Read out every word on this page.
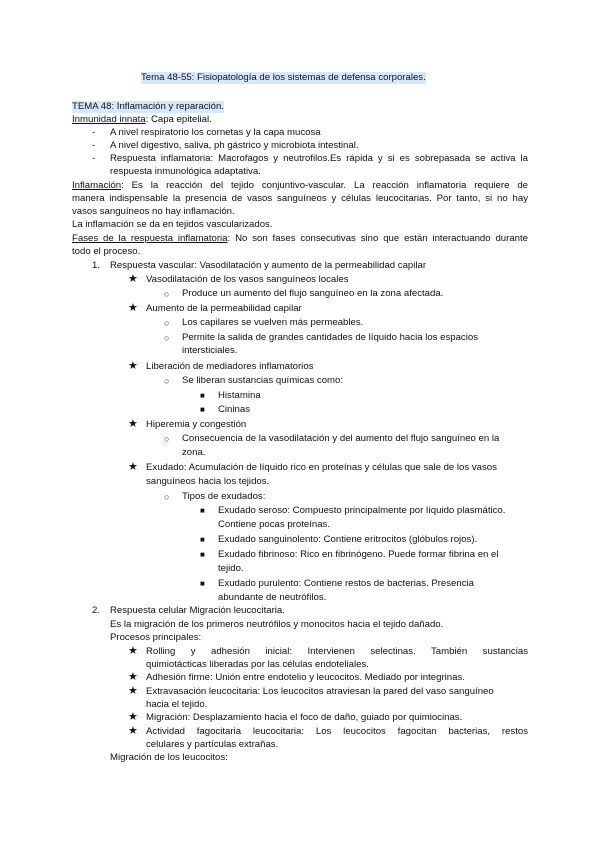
Tema 48-55: Fisiopatología de los sistemas de defensa corporales.
TEMA 48: Inflamación y reparación.
Inmunidad innata: Capa epitelial.
- A nivel respiratorio los cornetas y la capa mucosa
- A nivel digestivo, saliva, ph gástrico y microbiota intestinal.
- Respuesta inflamatoria: Macrofagos y neutrofilos.Es rápida y si es sobrepasada se activa la
respuesta inmunológica adaptativa.
Inflamación: Es la reacción del tejido conjuntivo-vascular. La reacción inflamatoria requiere de
manera indispensable la presencia de vasos sanguíneos y células leucocitarias. Por tanto, si no hay
vasos sanguíneos no hay inflamación.
La inflamación se da en tejidos vascularizados.
Fases de la respuesta inflamatoria: No son fases consecutivas sino que están interactuando durante
todo el proceso.
1. Respuesta vascular: Vasodilatación y aumento de la permeabilidad capilar
★ Vasodilatación de los vasos sanguíneos locales
○ Produce un aumento del flujo sanguíneo en la zona afectada.
★ Aumento de la permeabilidad capilar
○ Los capilares se vuelven más permeables.
○ Permite la salida de grandes cantidades de líquido hacia los espacios
intersticiales.
★ Liberación de mediadores inflamatorios
○ Se liberan sustancias químicas como:
■ Histamina
■ Cininas
★ Hiperemia y congestión
○ Consecuencia de la vasodilatación y del aumento del flujo sanguíneo en la
zona.
★ Exudado: Acumulación de líquido rico en proteínas y células que sale de los vasos
sanguíneos hacia los tejidos.
○ Tipos de exudados:
■ Exudado seroso: Compuesto principalmente por líquido plasmático.
Contiene pocas proteínas.
■ Exudado sanguinolento: Contiene eritrocitos (glóbulos rojos).
■ Exudado fibrinoso: Rico en fibrinógeno. Puede formar fibrina en el
tejido.
■ Exudado purulento: Contiene restos de bacterias. Presencia
abundante de neutrófilos.
2. Respuesta celular Migración leucocitaria.
Es la migración de los primeros neutrófilos y monocitos hacia el tejido dañado.
Procesos principales:
★ Rolling y adhesión inicial: Intervienen selectinas. También sustancias
quimiotácticas liberadas por las células endoteliales.
★ Adhesión firme: Unión entre endotelio y leucocitos. Mediado por integrinas.
★ Extravasación leucocitaria: Los leucocitos atraviesan la pared del vaso sanguíneo
hacia el tejido.
★ Migración: Desplazamiento hacia el foco de daño, guiado por quimiocinas.
★ Actividad fagocitaria leucocitaria: Los leucocitos fagocitan bacterias, restos
celulares y partículas extrañas.
Migración de los leucocitos:
